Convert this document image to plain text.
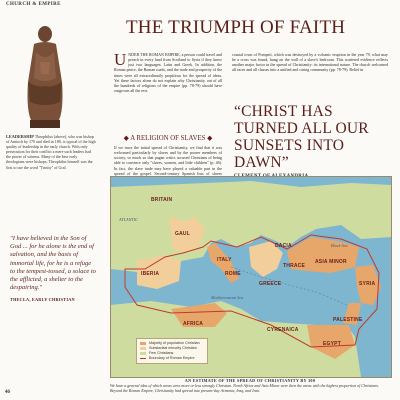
CHURCH & EMPIRE
THE TRIUMPH OF FAITH
LEADERSHIP Theophilus (above), who was bishop of Antioch by 170 and died in 180, is typical of the high quality of leadership in the early church. With only persecution for their conflict a mere such leaders had the power of witness. Many of the best early theologians were bishops; Theophilus himself was the first to use the word "Trinity" of God.
"I have believed in the Son of God ... for he alone is the end of salvation, and the basis of immortal life, for he is a refuge to the tempest-tossed, a solace to the afflicted, a shelter to the despairing."
THECLA, EARLY CHRISTIAN

UNDER THE ROMAN EMPIRE, a person could travel and preach in every land from Scotland to Syria if they knew just two languages: Latin and Greek. In addition, the Roman peace, the Roman roads, and the trade and prosperity of the times were all extraordinarily propitious for the spread of ideas. Yet these factors alone do not explain why Christianity, out of all the hundreds of religions of the empire (pp. 78-79) should have outgrown all the rest.

◆ A RELIGION OF SLAVES ◆

If we trace the initial spread of Christianity, we find that it was welcomed particularly by slaves and by the poorer members of society, so much so that pagan critics accused Christians of being able to convince only "slaves, women, and little children" (p. 46). In fact, the slave trade may have played a valuable part in the spread of the gospel. Second-century Spanish lists of slaves

coastal town of Pompeii, which was destroyed by a volcanic eruption in the year 79, what may be a cross was found, hung on the wall of a slave's bedroom. This scattered evidence reflects another major factor in the spread of Christianity: its international nature. The church welcomed all races and all classes into a unified and caring community (pp. 78-79). Belief in

“CHRIST HAS TURNED ALL OUR SUNSETS INTO DAWN”
BRITAIN
GAUL
DACIA
ITALY
IBERIA
THRACE
ROME
GREECE
ASIA MINOR
SYRIA
CYRENAICA
AFRICA
PALESTINE
EGYPT
ATLANTIC
Black Sea
Mediterranean Sea
Majority of population Christian
Substantial minority Christian
Few Christians
Boundary of Roman Empire
AN ESTIMATE OF THE SPREAD OF CHRISTIANITY BY 300
We have a general idea of which areas were more or less strongly Christian. North Africa and Asia Minor were then the areas with the highest proportion of Christians. Beyond the Roman Empire, Christianity had spread into present-day Armenia, Iraq, and Iran.
46
